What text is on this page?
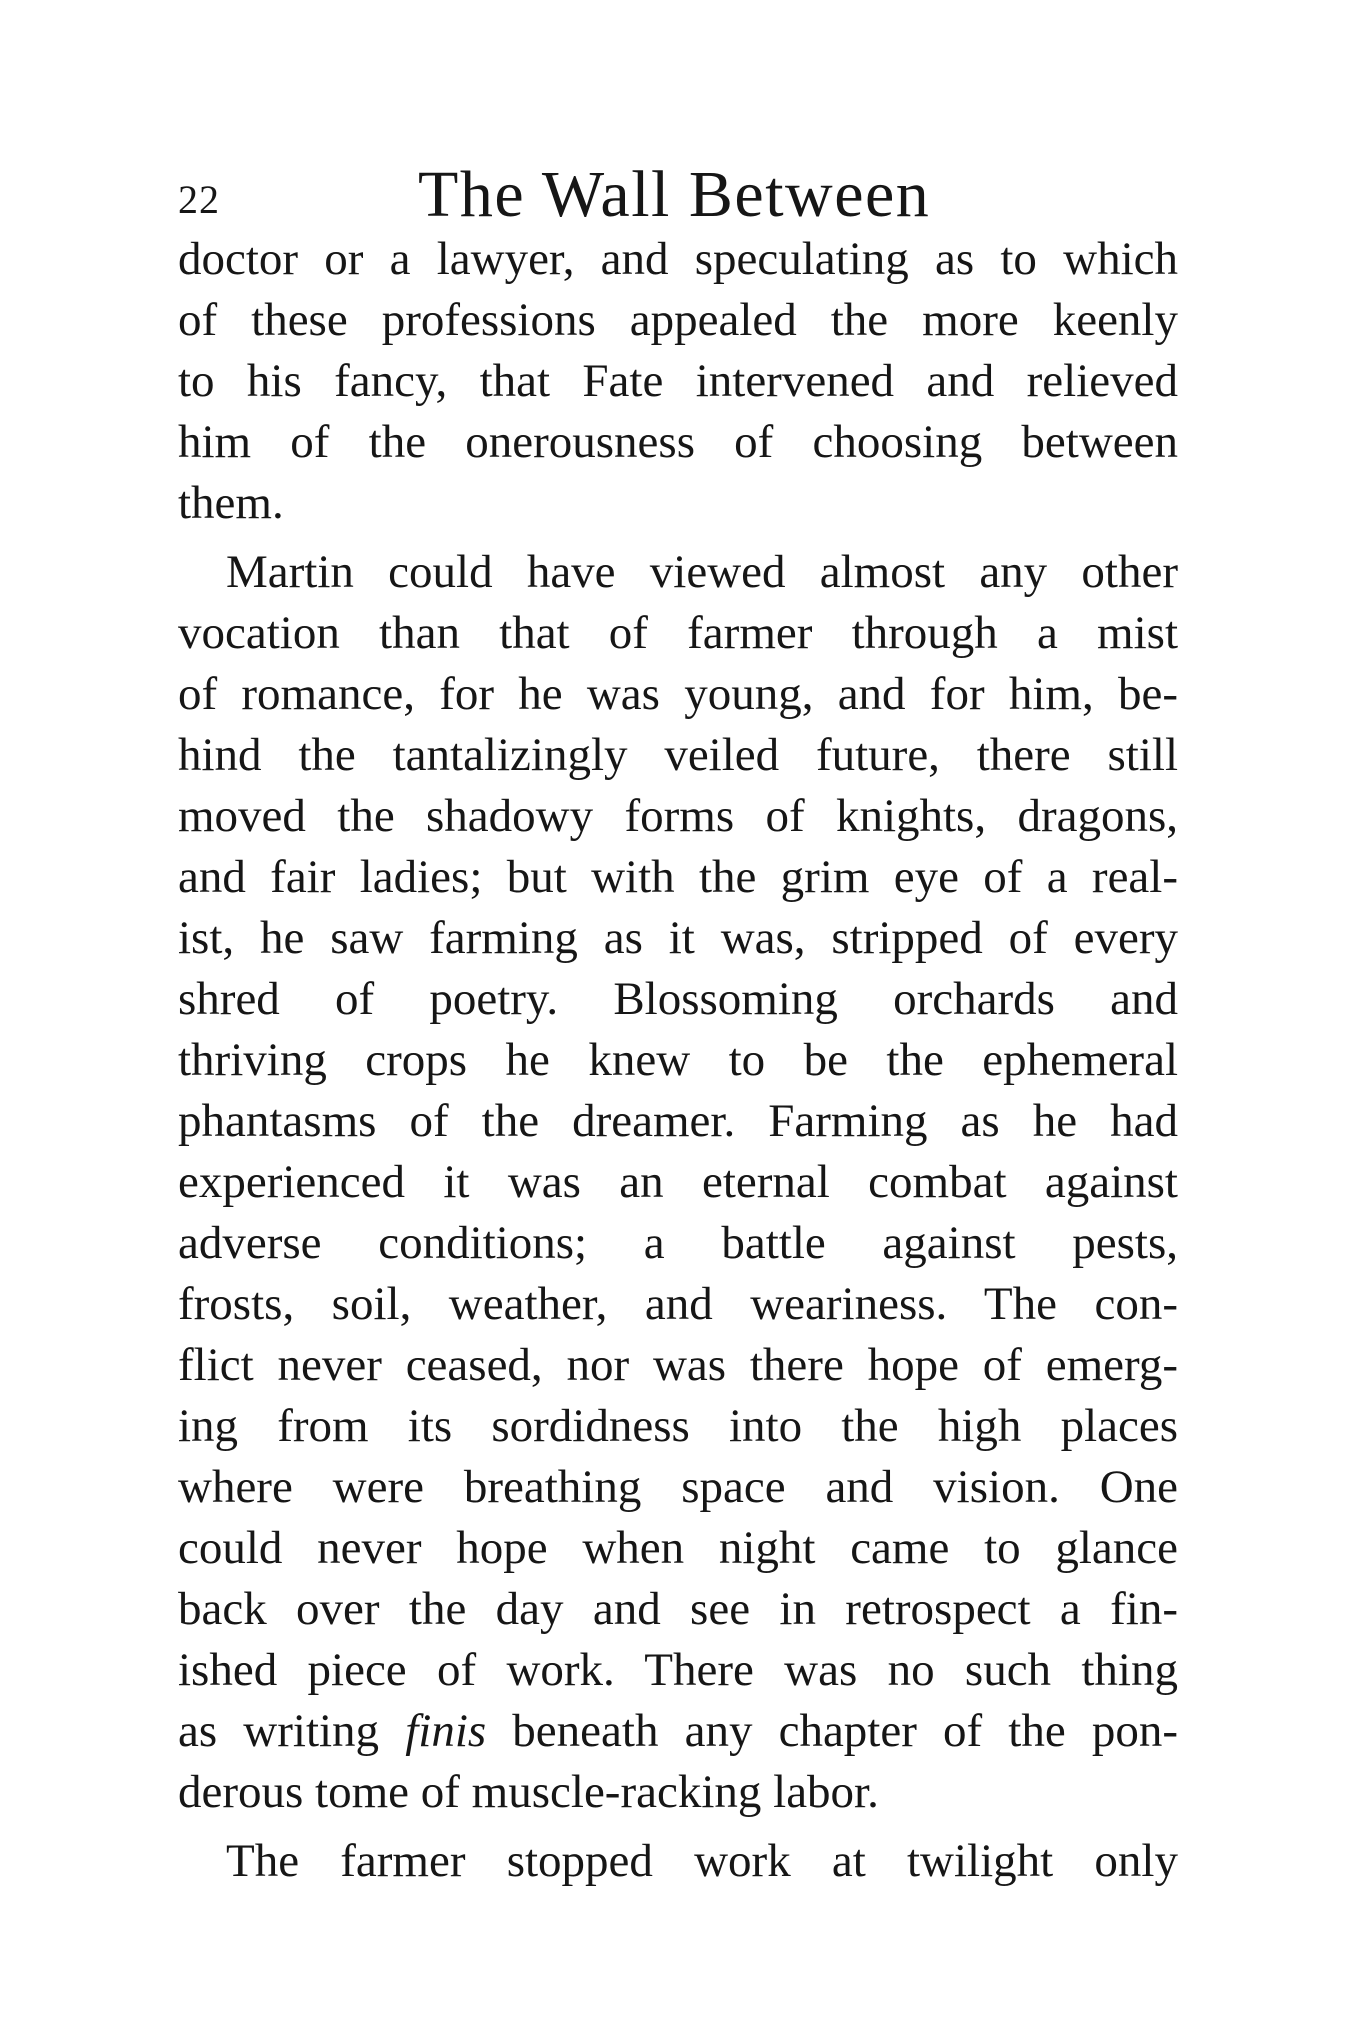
22	The Wall Between
doctor or a lawyer, and speculating as to which
of these professions appealed the more keenly
to his fancy, that Fate intervened and relieved
him of the onerousness of choosing between
them.
Martin could have viewed almost any other
vocation than that of farmer through a mist
of romance, for he was young, and for him, be-
hind the tantalizingly veiled future, there still
moved the shadowy forms of knights, dragons,
and fair ladies; but with the grim eye of a real-
ist, he saw farming as it was, stripped of every
shred of poetry. Blossoming orchards and
thriving crops he knew to be the ephemeral
phantasms of the dreamer. Farming as he had
experienced it was an eternal combat against
adverse conditions; a battle against pests,
frosts, soil, weather, and weariness. The con-
flict never ceased, nor was there hope of emerg-
ing from its sordidness into the high places
where were breathing space and vision. One
could never hope when night came to glance
back over the day and see in retrospect a fin-
ished piece of work. There was no such thing
as writing finis beneath any chapter of the pon-
derous tome of muscle-racking labor.
The farmer stopped work at twilight only
